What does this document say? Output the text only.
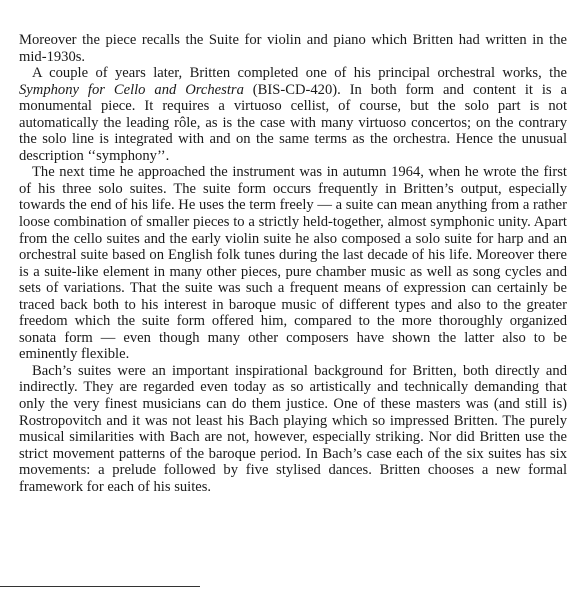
Moreover the piece recalls the Suite for violin and piano which Britten had written in the mid-1930s.

A couple of years later, Britten completed one of his principal orchestral works, the Symphony for Cello and Orchestra (BIS-CD-420). In both form and content it is a monumental piece. It requires a virtuoso cellist, of course, but the solo part is not automatically the leading rôle, as is the case with many virtuoso concertos; on the contrary the solo line is integrated with and on the same terms as the orchestra. Hence the unusual description ‘‘symphony’’.

The next time he approached the instrument was in autumn 1964, when he wrote the first of his three solo suites. The suite form occurs frequently in Britten’s output, especially towards the end of his life. He uses the term freely — a suite can mean anything from a rather loose combination of smaller pieces to a strictly held-together, almost symphonic unity. Apart from the cello suites and the early violin suite he also composed a solo suite for harp and an orchestral suite based on English folk tunes during the last decade of his life. Moreover there is a suite-like element in many other pieces, pure chamber music as well as song cycles and sets of variations. That the suite was such a frequent means of expression can certainly be traced back both to his interest in baroque music of different types and also to the greater freedom which the suite form offered him, compared to the more thoroughly organized sonata form — even though many other composers have shown the latter also to be eminently flexible.

Bach’s suites were an important inspirational background for Britten, both directly and indirectly. They are regarded even today as so artistically and technically demanding that only the very finest musicians can do them justice. One of these masters was (and still is) Rostropovitch and it was not least his Bach playing which so impressed Britten. The purely musical similarities with Bach are not, however, especially striking. Nor did Britten use the strict movement patterns of the baroque period. In Bach’s case each of the six suites has six movements: a prelude followed by five stylised dances. Britten chooses a new formal framework for each of his suites.
